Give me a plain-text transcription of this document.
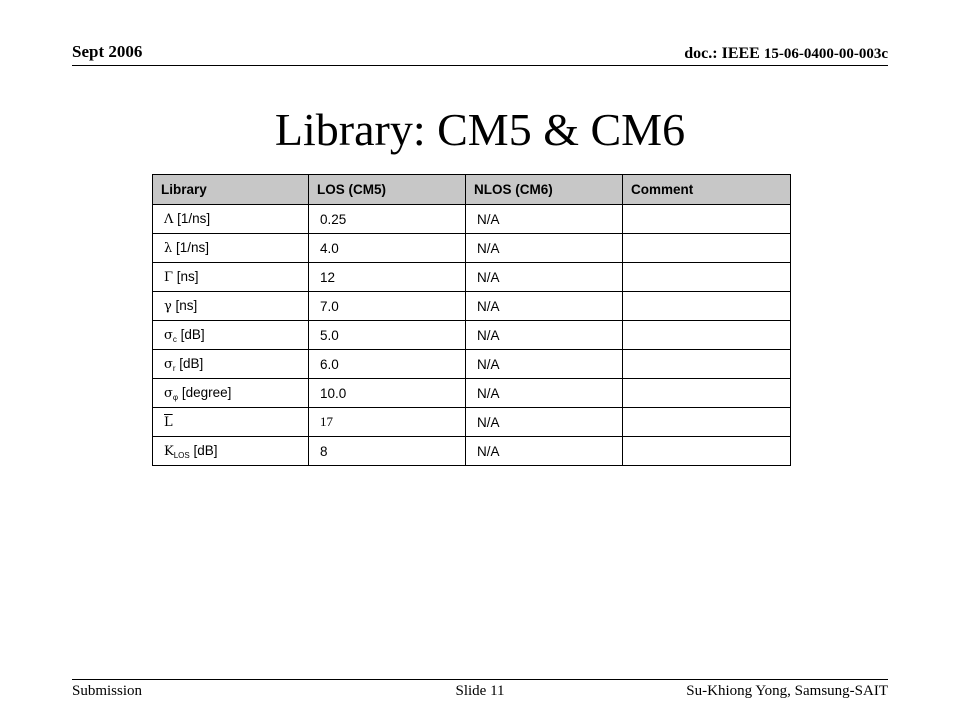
Sept 2006	doc.: IEEE 15-06-0400-00-003c
Library: CM5 & CM6
Library	LOS (CM5)	NLOS (CM6)	Comment
Λ [1/ns]	0.25	N/A	
λ [1/ns]	4.0	N/A	
Γ [ns]	12	N/A	
γ [ns]	7.0	N/A	
$\sigma_c$ [dB]	5.0	N/A	
$\sigma_r$ [dB]	6.0	N/A	
$\sigma_\varphi$ [degree]	10.0	N/A	
$\overline{L}$	17	N/A	
$K_{LOS}$ [dB]	8	N/A	
Submission	Slide 11	Su-Khiong Yong, Samsung-SAIT
